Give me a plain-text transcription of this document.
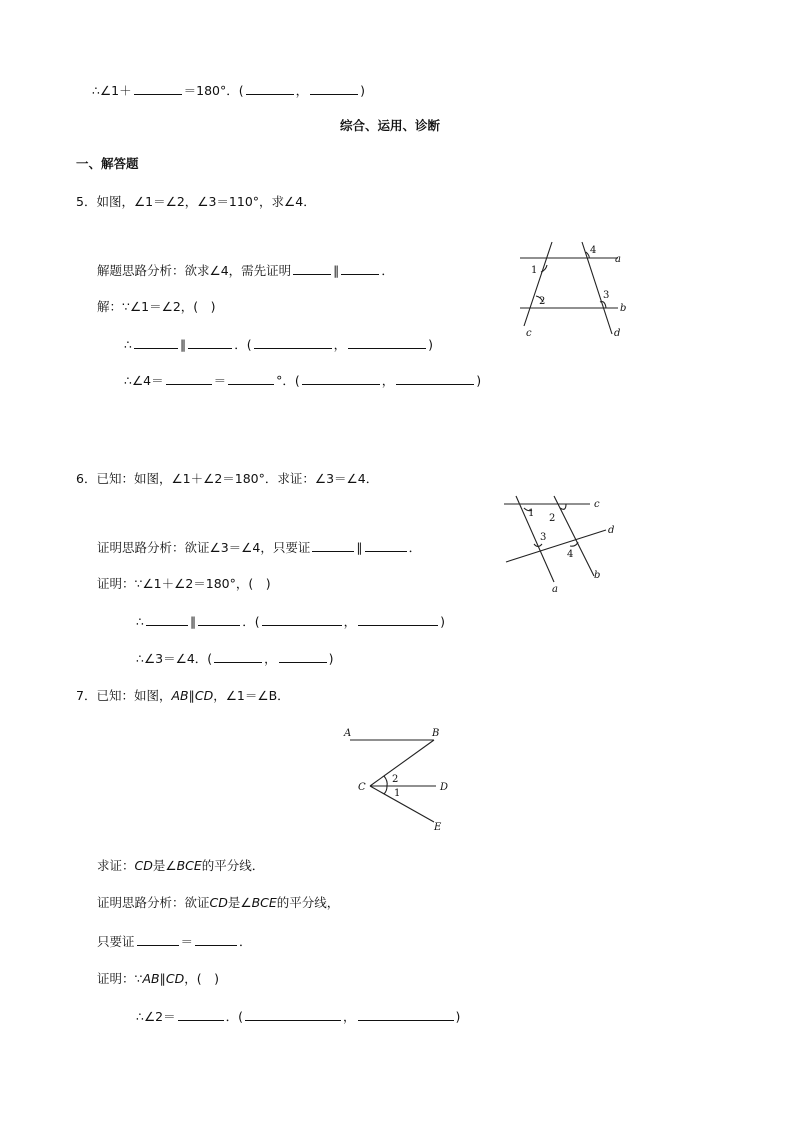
∴∠1＋	＝180°．(	，	)
综合、运用、诊断
一、解答题
5．如图，∠1＝∠2，∠3＝110°，求∠4．
解题思路分析：欲求∠4，需先证明	∥	．
解：∵∠1＝∠2，(　)
∴	∥	．(	，	)
∴∠4＝	＝	°．(	，	)
1
2
3
4
a
b
c	d
6．已知：如图，∠1＋∠2＝180°．求证：∠3＝∠4．
证明思路分析：欲证∠3＝∠4，只要证	∥	．
证明：∵∠1＋∠2＝180°，(　)
∴	∥	．(	，	)
∴∠3＝∠4．(	，	)
1 2
3
4
c
d
a
b
7．已知：如图，AB∥CD，∠1＝∠B．
A	B
C	D
E
2
1
求证：CD是∠BCE的平分线．
证明思路分析：欲证CD是∠BCE的平分线，
只要证	＝	．
证明：∵AB∥CD，(　)
∴∠2＝	．(	，	)
